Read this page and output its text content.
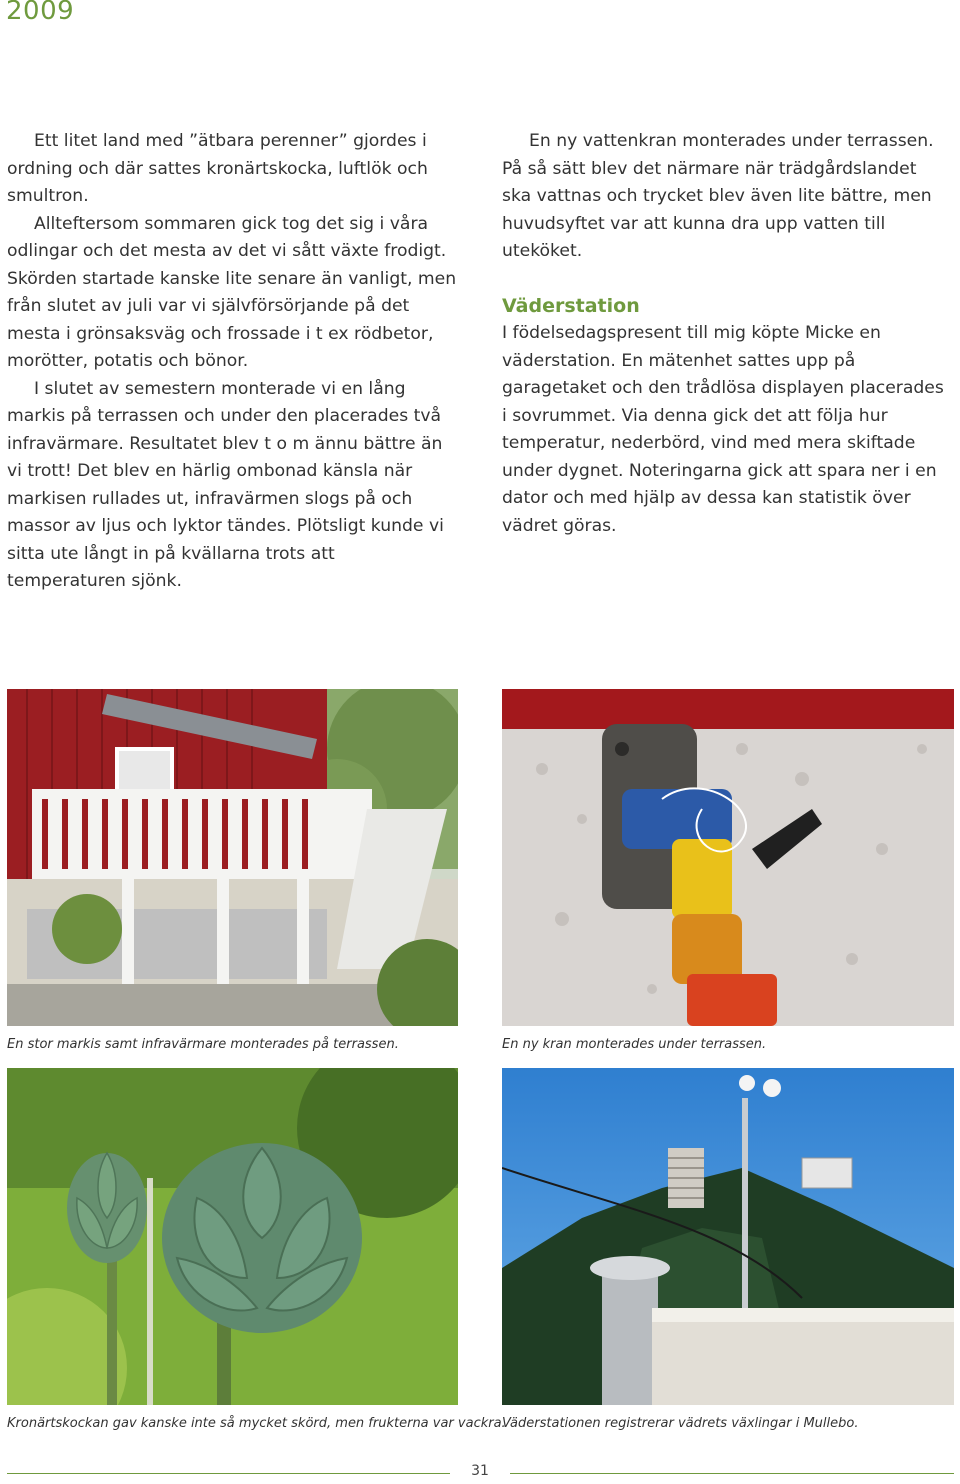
2009

Ett litet land med ”ätbara perenner” gjordes i ordning och där sattes kronärtskocka, luftlök och smultron.

Allteftersom sommaren gick tog det sig i våra odlingar och det mesta av det vi sått växte frodigt. Skörden startade kanske lite senare än vanligt, men från slutet av juli var vi självförsörjande på det mesta i grönsaksväg och frossade i t ex rödbetor, morötter, potatis och bönor.

I slutet av semestern monterade vi en lång markis på terrassen och under den placerades två infravärmare. Resultatet blev t o m ännu bättre än vi trott! Det blev en härlig ombonad känsla när markisen rullades ut, infravärmen slogs på och massor av ljus och lyktor tändes. Plötsligt kunde vi sitta ute långt in på kvällarna trots att temperaturen sjönk.

En ny vattenkran monterades under terrassen. På så sätt blev det närmare när trädgårdslandet ska vattnas och trycket blev även lite bättre, men huvudsyftet var att kunna dra upp vatten till uteköket.

Väderstation

I födelsedagspresent till mig köpte Micke en väderstation. En mätenhet sattes upp på garagetaket och den trådlösa displayen placerades i sovrummet. Via denna gick det att följa hur temperatur, nederbörd, vind med mera skiftade under dygnet. Noteringarna gick att spara ner i en dator och med hjälp av dessa kan statistik över vädret göras.

En stor markis samt infravärmare monterades på terrassen.	En ny kran monterades under terrassen.
Kronärtskockan gav kanske inte så mycket skörd, men frukterna var vackra.
Väderstationen registrerar vädrets växlingar i Mullebo.
31
